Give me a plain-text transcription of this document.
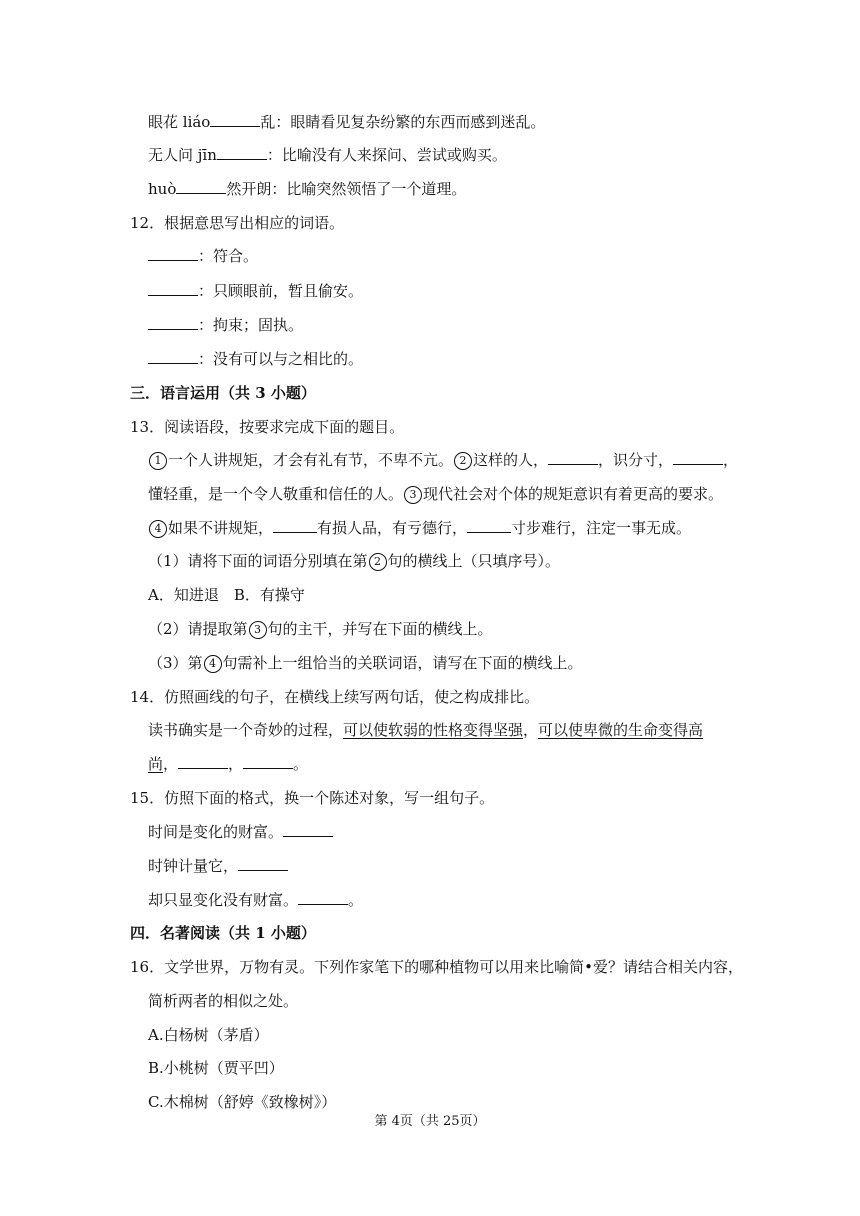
眼花 liáo	乱：眼睛看见复杂纷繁的东西而感到迷乱。
无人问 jīn	：比喻没有人来探问、尝试或购买。
huò	然开朗：比喻突然领悟了一个道理。
12．根据意思写出相应的词语。
：符合。
：只顾眼前，暂且偷安。
：拘束；固执。
：没有可以与之相比的。
三．语言运用（共 3 小题）
13．阅读语段，按要求完成下面的题目。
1 一个人讲规矩，才会有礼有节，不卑不亢。 2 这样的人，	，识分寸，	，
懂轻重，是一个令人敬重和信任的人。 3 现代社会对个体的规矩意识有着更高的要求。
4 如果不讲规矩，	有损人品，有亏德行，	寸步难行，注定一事无成。
（1）请将下面的词语分别填在第 2 句的横线上（只填序号）。
A．知进退　B．有操守
（2）请提取第 3 句的主干，并写在下面的横线上。
（3）第 4 句需补上一组恰当的关联词语，请写在下面的横线上。
14．仿照画线的句子，在横线上续写两句话，使之构成排比。
读书确实是一个奇妙的过程，可以使软弱的性格变得坚强，可以使卑微的生命变得高
尚，	，	。
15．仿照下面的格式，换一个陈述对象，写一组句子。
时间是变化的财富。
时钟计量它，
却只显变化没有财富。	。
四．名著阅读（共 1 小题）
16．文学世界，万物有灵。下列作家笔下的哪种植物可以用来比喻简•爱？请结合相关内容，
简析两者的相似之处。
A.白杨树（茅盾）
B.小桃树（贾平凹）
C.木棉树（舒婷《致橡树》）
第 4页（共 25页）
